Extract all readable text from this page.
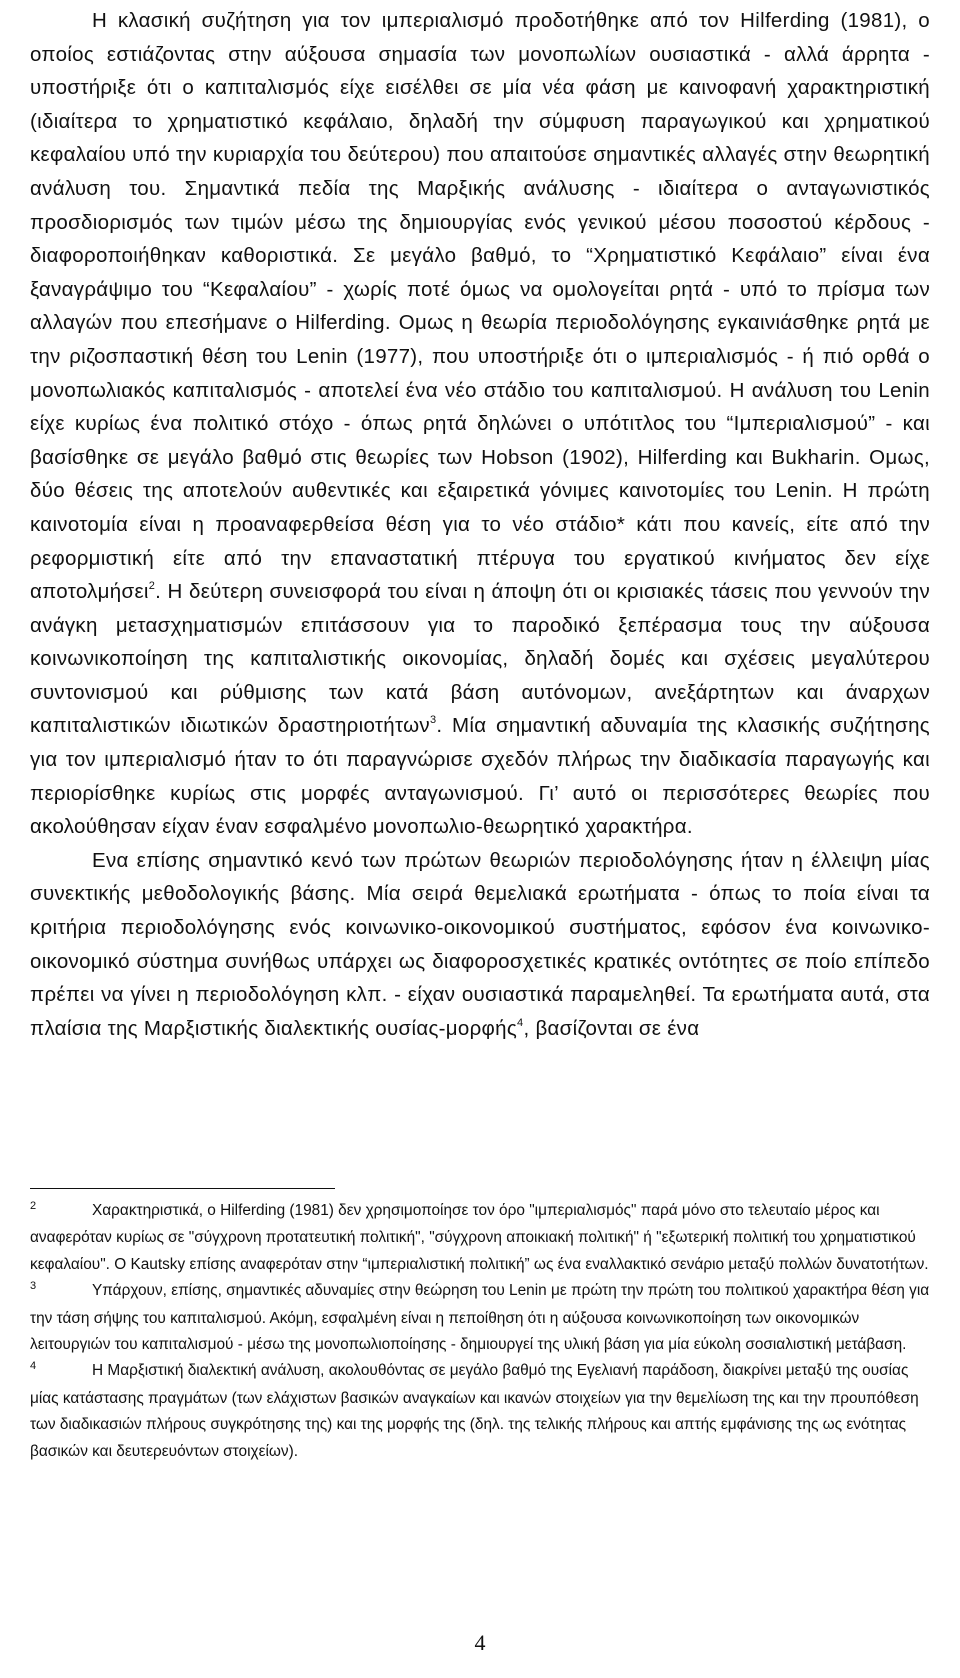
Η κλασική συζήτηση για τον ιμπεριαλισμό προδοτήθηκε από τον Hilferding (1981), ο οποίος εστιάζοντας στην αύξουσα σημασία των μονοπωλίων ουσιαστικά - αλλά άρρητα - υποστήριξε ότι ο καπιταλισμός είχε εισέλθει σε μία νέα φάση με καινοφανή χαρακτηριστική (ιδιαίτερα το χρηματιστικό κεφάλαιο, δηλαδή την σύμφυση παραγωγικού και χρηματικού κεφαλαίου υπό την κυριαρχία του δεύτερου) που απαιτούσε σημαντικές αλλαγές στην θεωρητική ανάλυση του. Σημαντικά πεδία της Μαρξικής ανάλυσης - ιδιαίτερα ο ανταγωνιστικός προσδιορισμός των τιμών μέσω της δημιουργίας ενός γενικού μέσου ποσοστού κέρδους - διαφοροποιήθηκαν καθοριστικά. Σε μεγάλο βαθμό, το “Χρηματιστικό Κεφάλαιο” είναι ένα ξαναγράψιμο του “Κεφαλαίου” - χωρίς ποτέ όμως να ομολογείται ρητά - υπό το πρίσμα των αλλαγών που επεσήμανε ο Hilferding. Ομως η θεωρία περιοδολόγησης εγκαινιάσθηκε ρητά με την ριζοσπαστική θέση του Lenin (1977), που υποστήριξε ότι ο ιμπεριαλισμός - ή πιό ορθά ο μονοπωλιακός καπιταλισμός - αποτελεί ένα νέο στάδιο του καπιταλισμού. Η ανάλυση του Lenin είχε κυρίως ένα πολιτικό στόχο - όπως ρητά δηλώνει ο υπότιτλος του “Ιμπεριαλισμού” - και βασίσθηκε σε μεγάλο βαθμό στις θεωρίες των Hobson (1902), Hilferding και Bukharin. Ομως, δύο θέσεις της αποτελούν αυθεντικές και εξαιρετικά γόνιμες καινοτομίες του Lenin. Η πρώτη καινοτομία είναι η προαναφερθείσα θέση για το νέο στάδιο* κάτι που κανείς, είτε από την ρεφορμιστική είτε από την επαναστατική πτέρυγα του εργατικού κινήματος δεν είχε αποτολμήσει$^2$. Η δεύτερη συνεισφορά του είναι η άποψη ότι οι κρισιακές τάσεις που γεννούν την ανάγκη μετασχηματισμών επιτάσσουν για το παροδικό ξεπέρασμα τους την αύξουσα κοινωνικοποίηση της καπιταλιστικής οικονομίας, δηλαδή δομές και σχέσεις μεγαλύτερου συντονισμού και ρύθμισης των κατά βάση αυτόνομων, ανεξάρτητων και άναρχων καπιταλιστικών ιδιωτικών δραστηριοτήτων$^3$. Μία σημαντική αδυναμία της κλασικής συζήτησης για τον ιμπεριαλισμό ήταν το ότι παραγνώρισε σχεδόν πλήρως την διαδικασία παραγωγής και περιορίσθηκε κυρίως στις μορφές ανταγωνισμού. Γι’ αυτό οι περισσότερες θεωρίες που ακολούθησαν είχαν έναν εσφαλμένο μονοπωλιο-θεωρητικό χαρακτήρα.

Ενα επίσης σημαντικό κενό των πρώτων θεωριών περιοδολόγησης ήταν η έλλειψη μίας συνεκτικής μεθοδολογικής βάσης. Μία σειρά θεμελιακά ερωτήματα - όπως το ποία είναι τα κριτήρια περιοδολόγησης ενός κοινωνικο-οικονομικού συστήματος, εφόσον ένα κοινωνικο-οικονομικό σύστημα συνήθως υπάρχει ως διαφοροσχετικές κρατικές οντότητες σε ποίο επίπεδο πρέπει να γίνει η περιοδολόγηση κλπ. - είχαν ουσιαστικά παραμεληθεί. Τα ερωτήματα αυτά, στα πλαίσια της Μαρξιστικής διαλεκτικής ουσίας-μορφής$^4$, βασίζονται σε ένα

2	Χαρακτηριστικά, ο Hilferding (1981) δεν χρησιμοποίησε τον όρο "ιμπεριαλισμός" παρά μόνο στο τελευταίο μέρος και αναφερόταν κυρίως σε "σύγχρονη προτατευτική πολιτική", "σύγχρονη αποικιακή πολιτική" ή "εξωτερική πολιτική του χρηματιστικού κεφαλαίου". Ο Kautsky επίσης αναφερόταν στην “ιμπεριαλιστική πολιτική” ως ένα εναλλακτικό σενάριο μεταξύ πολλών δυνατοτήτων.

3	Υπάρχουν, επίσης, σημαντικές αδυναμίες στην θεώρηση του Lenin με πρώτη την πρώτη του πολιτικού χαρακτήρα θέση για την τάση σήψης του καπιταλισμού. Ακόμη, εσφαλμένη είναι η πεποίθηση ότι η αύξουσα κοινωνικοποίηση των οικονομικών λειτουργιών του καπιταλισμού - μέσω της μονοπωλιοποίησης - δημιουργεί της υλική βάση για μία εύκολη σοσιαλιστική μετάβαση.

4	Η Μαρξιστική διαλεκτική ανάλυση, ακολουθόντας σε μεγάλο βαθμό της Εγελιανή παράδοση, διακρίνει μεταξύ της ουσίας μίας κατάστασης πραγμάτων (των ελάχιστων βασικών αναγκαίων και ικανών στοιχείων για την θεμελίωση της και την προυπόθεση των διαδικασιών πλήρους συγκρότησης της) και της μορφής της (δηλ. της τελικής πλήρους και απτής εμφάνισης της ως ενότητας βασικών και δευτερευόντων στοιχείων).

4
